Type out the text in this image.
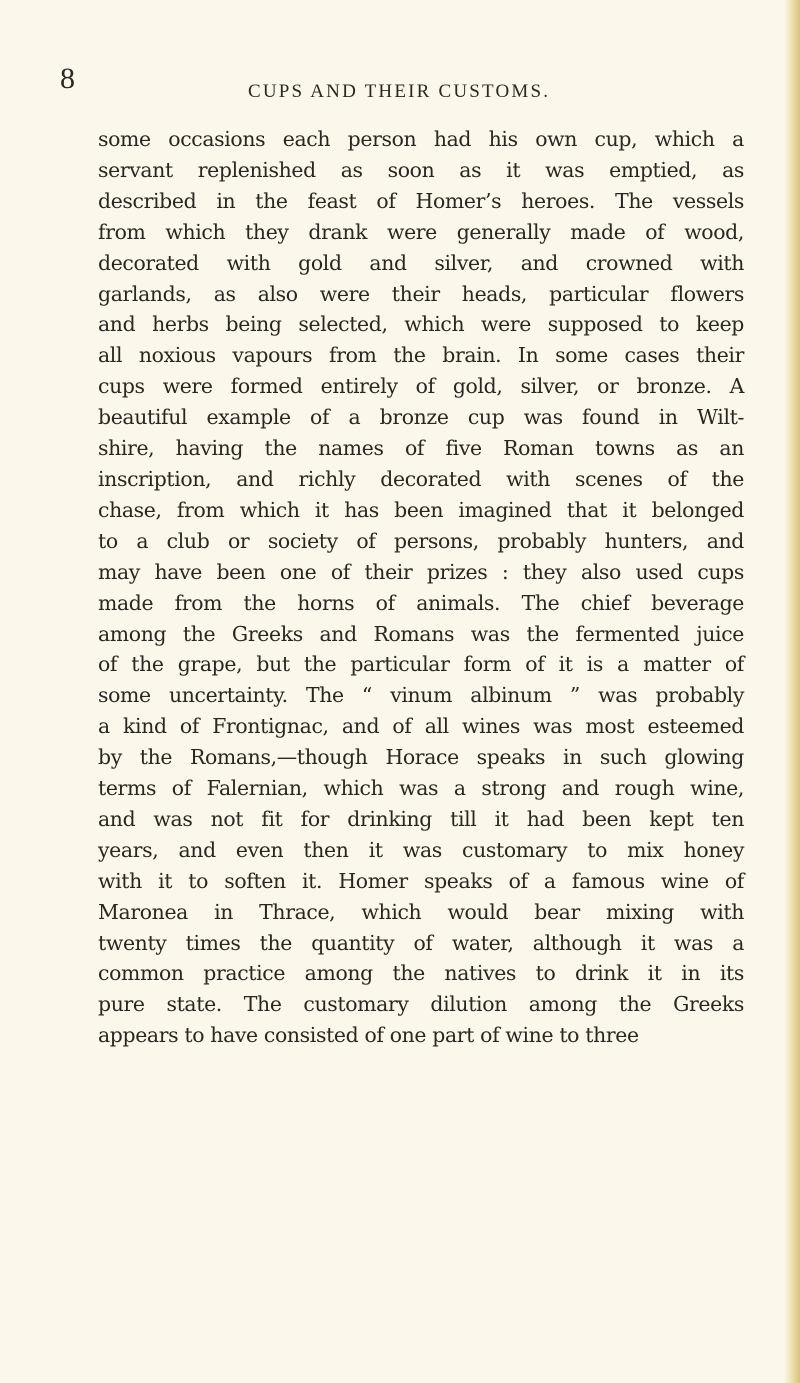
8	CUPS AND THEIR CUSTOMS.
some occasions each person had his own cup, which a
servant replenished as soon as it was emptied, as
described in the feast of Homer’s heroes. The vessels
from which they drank were generally made of wood,
decorated with gold and silver, and crowned with
garlands, as also were their heads, particular flowers
and herbs being selected, which were supposed to keep
all noxious vapours from the brain. In some cases their
cups were formed entirely of gold, silver, or bronze. A
beautiful example of a bronze cup was found in Wilt-
shire, having the names of five Roman towns as an
inscription, and richly decorated with scenes of the
chase, from which it has been imagined that it belonged
to a club or society of persons, probably hunters, and
may have been one of their prizes : they also used cups
made from the horns of animals. The chief beverage
among the Greeks and Romans was the fermented juice
of the grape, but the particular form of it is a matter of
some uncertainty. The “ vinum albinum ” was probably
a kind of Frontignac, and of all wines was most esteemed
by the Romans,—though Horace speaks in such glowing
terms of Falernian, which was a strong and rough wine,
and was not fit for drinking till it had been kept ten
years, and even then it was customary to mix honey
with it to soften it. Homer speaks of a famous wine of
Maronea in Thrace, which would bear mixing with
twenty times the quantity of water, although it was a
common practice among the natives to drink it in its
pure state. The customary dilution among the Greeks
appears to have consisted of one part of wine to three
